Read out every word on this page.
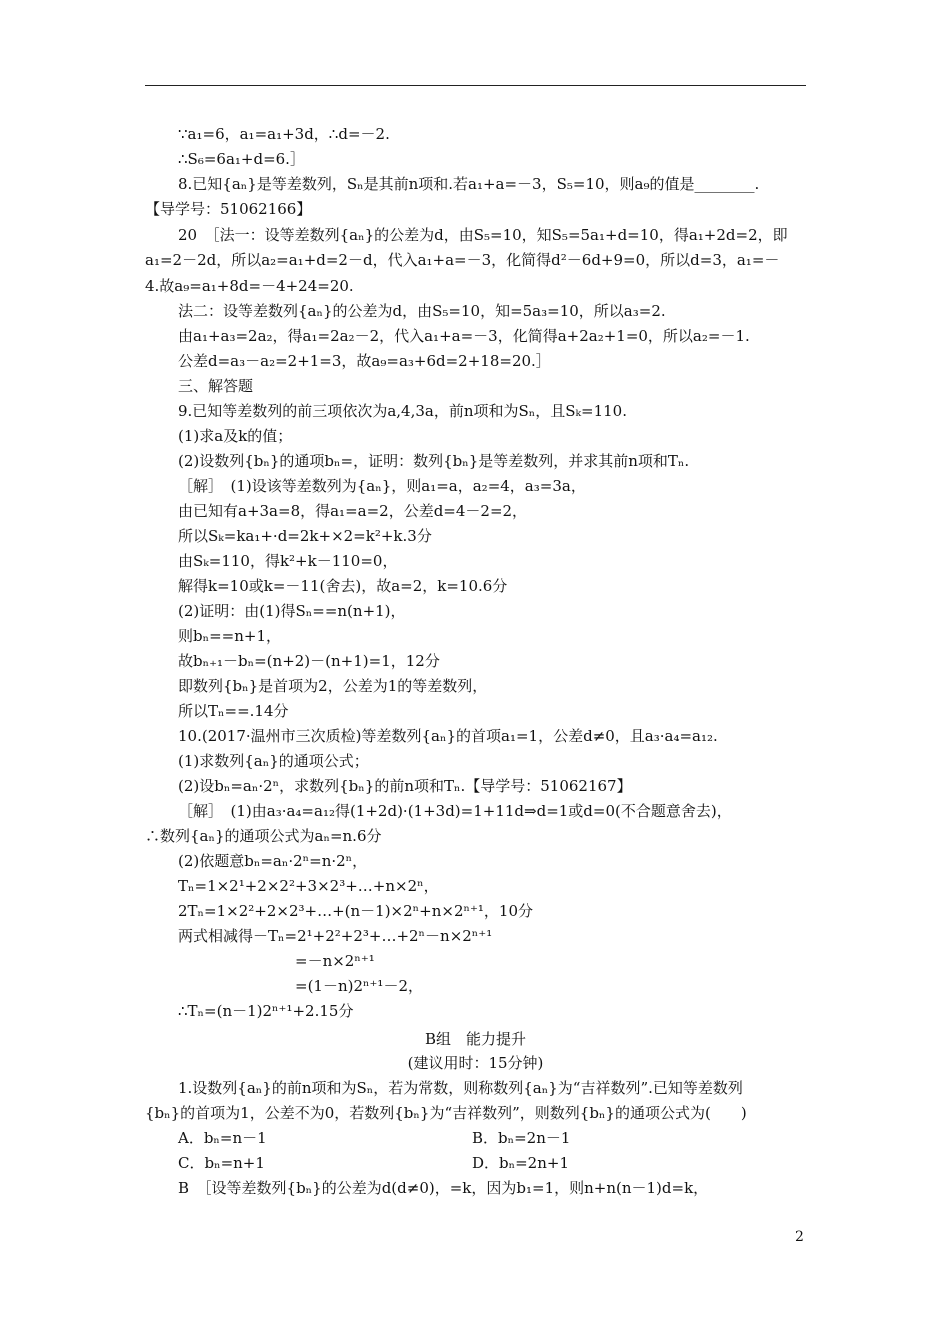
∵a₁=6，a₁=a₁+3d，∴d=－2.
∴S₆=6a₁+d=6.］
8.已知{aₙ}是等差数列，Sₙ是其前n项和.若a₁+a=－3，S₅=10，则a₉的值是________.
【导学号：51062166】
20　［法一：设等差数列{aₙ}的公差为d，由S₅=10，知S₅=5a₁+d=10，得a₁+2d=2，即
a₁=2－2d，所以a₂=a₁+d=2－d，代入a₁+a=－3，化简得d²－6d+9=0，所以d=3，a₁=－
4.故a₉=a₁+8d=－4+24=20.
法二：设等差数列{aₙ}的公差为d，由S₅=10，知=5a₃=10，所以a₃=2.
由a₁+a₃=2a₂，得a₁=2a₂－2，代入a₁+a=－3，化简得a+2a₂+1=0，所以a₂=－1.
公差d=a₃－a₂=2+1=3，故a₉=a₃+6d=2+18=20.］
三、解答题
9.已知等差数列的前三项依次为a,4,3a，前n项和为Sₙ，且Sₖ=110.
(1)求a及k的值；
(2)设数列{bₙ}的通项bₙ=，证明：数列{bₙ}是等差数列，并求其前n项和Tₙ.
［解］　(1)设该等差数列为{aₙ}，则a₁=a，a₂=4，a₃=3a，
由已知有a+3a=8，得a₁=a=2，公差d=4－2=2，
所以Sₖ=ka₁+·d=2k+×2=k²+k.3分
由Sₖ=110，得k²+k－110=0，
解得k=10或k=－11(舍去)，故a=2，k=10.6分
(2)证明：由(1)得Sₙ==n(n+1)，
则bₙ==n+1，
故bₙ₊₁－bₙ=(n+2)－(n+1)=1，12分
即数列{bₙ}是首项为2，公差为1的等差数列，
所以Tₙ==.14分
10.(2017·温州市三次质检)等差数列{aₙ}的首项a₁=1，公差d≠0，且a₃·a₄=a₁₂.
(1)求数列{aₙ}的通项公式；
(2)设bₙ=aₙ·2ⁿ，求数列{bₙ}的前n项和Tₙ.【导学号：51062167】
［解］　(1)由a₃·a₄=a₁₂得(1+2d)·(1+3d)=1+11d⇒d=1或d=0(不合题意舍去)，
∴数列{aₙ}的通项公式为aₙ=n.6分
(2)依题意bₙ=aₙ·2ⁿ=n·2ⁿ，
Tₙ=1×2¹+2×2²+3×2³+…+n×2ⁿ，
2Tₙ=1×2²+2×2³+…+(n－1)×2ⁿ+n×2ⁿ⁺¹，10分
两式相减得－Tₙ=2¹+2²+2³+…+2ⁿ－n×2ⁿ⁺¹
=－n×2ⁿ⁺¹
=(1－n)2ⁿ⁺¹－2，
∴Tₙ=(n－1)2ⁿ⁺¹+2.15分
B组　能力提升
(建议用时：15分钟)
1.设数列{aₙ}的前n项和为Sₙ，若为常数，则称数列{aₙ}为“吉祥数列”.已知等差数列
{bₙ}的首项为1，公差不为0，若数列{bₙ}为“吉祥数列”，则数列{bₙ}的通项公式为(　　)
A．bₙ=n－1	B．bₙ=2n－1
C．bₙ=n+1	D．bₙ=2n+1
B　［设等差数列{bₙ}的公差为d(d≠0)，=k，因为b₁=1，则n+n(n－1)d=k，
2
